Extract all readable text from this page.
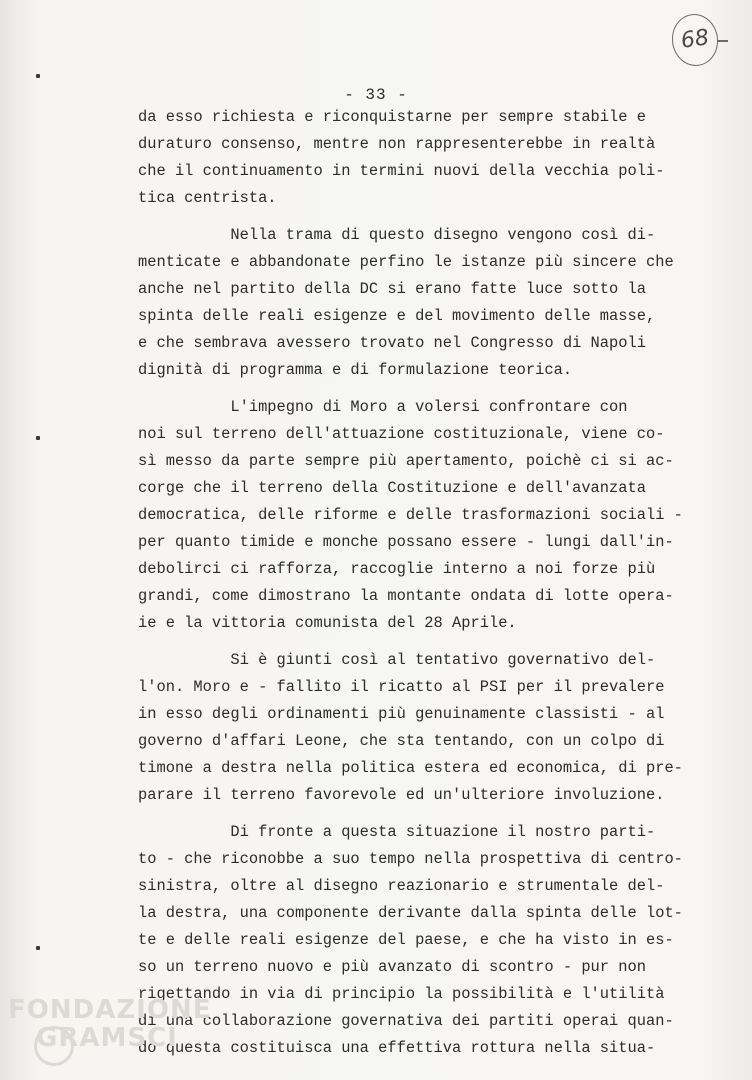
68
- 33 -
da esso richiesta e riconquistarne per sempre stabile e
duraturo consenso, mentre non rappresenterebbe in realtà
che il continuamento in termini nuovi della vecchia poli-
tica centrista.
Nella trama di questo disegno vengono così di-
menticate e abbandonate perfino le istanze più sincere che
anche nel partito della DC si erano fatte luce sotto la
spinta delle reali esigenze e del movimento delle masse,
e che sembrava avessero trovato nel Congresso di Napoli
dignità di programma e di formulazione teorica.
L'impegno di Moro a volersi confrontare con
noi sul terreno dell'attuazione costituzionale, viene co-
sì messo da parte sempre più apertamento, poichè ci si ac-
corge che il terreno della Costituzione e dell'avanzata
democratica, delle riforme e delle trasformazioni sociali -
per quanto timide e monche possano essere - lungi dall'in-
debolirci ci rafforza, raccoglie interno a noi forze più
grandi, come dimostrano la montante ondata di lotte opera-
ie e la vittoria comunista del 28 Aprile.
Si è giunti così al tentativo governativo del-
l'on. Moro e - fallito il ricatto al PSI per il prevalere
in esso degli ordinamenti più genuinamente classisti - al
governo d'affari Leone, che sta tentando, con un colpo di
timone a destra nella politica estera ed economica, di pre-
parare il terreno favorevole ed un'ulteriore involuzione.
Di fronte a questa situazione il nostro parti-
to - che riconobbe a suo tempo nella prospettiva di centro-
sinistra, oltre al disegno reazionario e strumentale del-
la destra, una componente derivante dalla spinta delle lot-
te e delle reali esigenze del paese, e che ha visto in es-
so un terreno nuovo e più avanzato di scontro - pur non
rigettando in via di principio la possibilità e l'utilità
di una collaborazione governativa dei partiti operai quan-
do questa costituisca una effettiva rottura nella situa-
FONDAZIONE
GRAMSCI
